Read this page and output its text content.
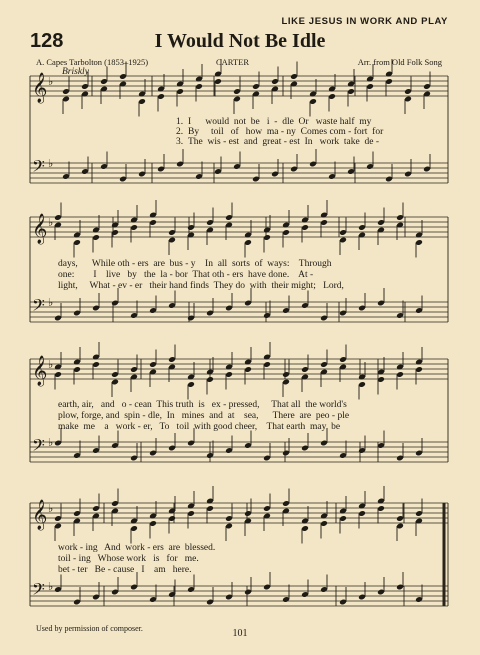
LIKE JESUS IN WORK AND PLAY
128	I Would Not Be Idle
A. Capes Tarbolton (1853–1925)	CARTER	Arr. from Old Folk Song
Briskly
𝄞 ♭
𝄢 ♭
𝄞 ♭
𝄢 ♭
𝄞 ♭
𝄢 ♭
𝄞 ♭
𝄢 ♭
1. I      would  not  be   i  -  dle  Or   waste half  my
2. By     toil   of   how  ma - ny  Comes com - fort  for
3. The  wis - est  and  great - est  In   work  take  de -
days,      While oth - ers  are  bus - y    In  all  sorts  of  ways:    Through
one:        I    live   by   the  la - bor  That oth - ers  have done.    At -
light,     What - ev - er   their hand finds  They do  with  their might;   Lord,
earth, air,   and   o - cean  This truth  is   ex - pressed,     That all  the world's
plow, forge, and  spin - dle,  In   mines  and  at    sea,      There  are  peo - ple
make  me    a   work - er,   To   toil  with good cheer,    That earth  may  be
work - ing   And  work - ers  are  blessed.
toil - ing   Whose work   is   for   me.
bet - ter   Be - cause   I    am   here.
Used by permission of composer.	101
